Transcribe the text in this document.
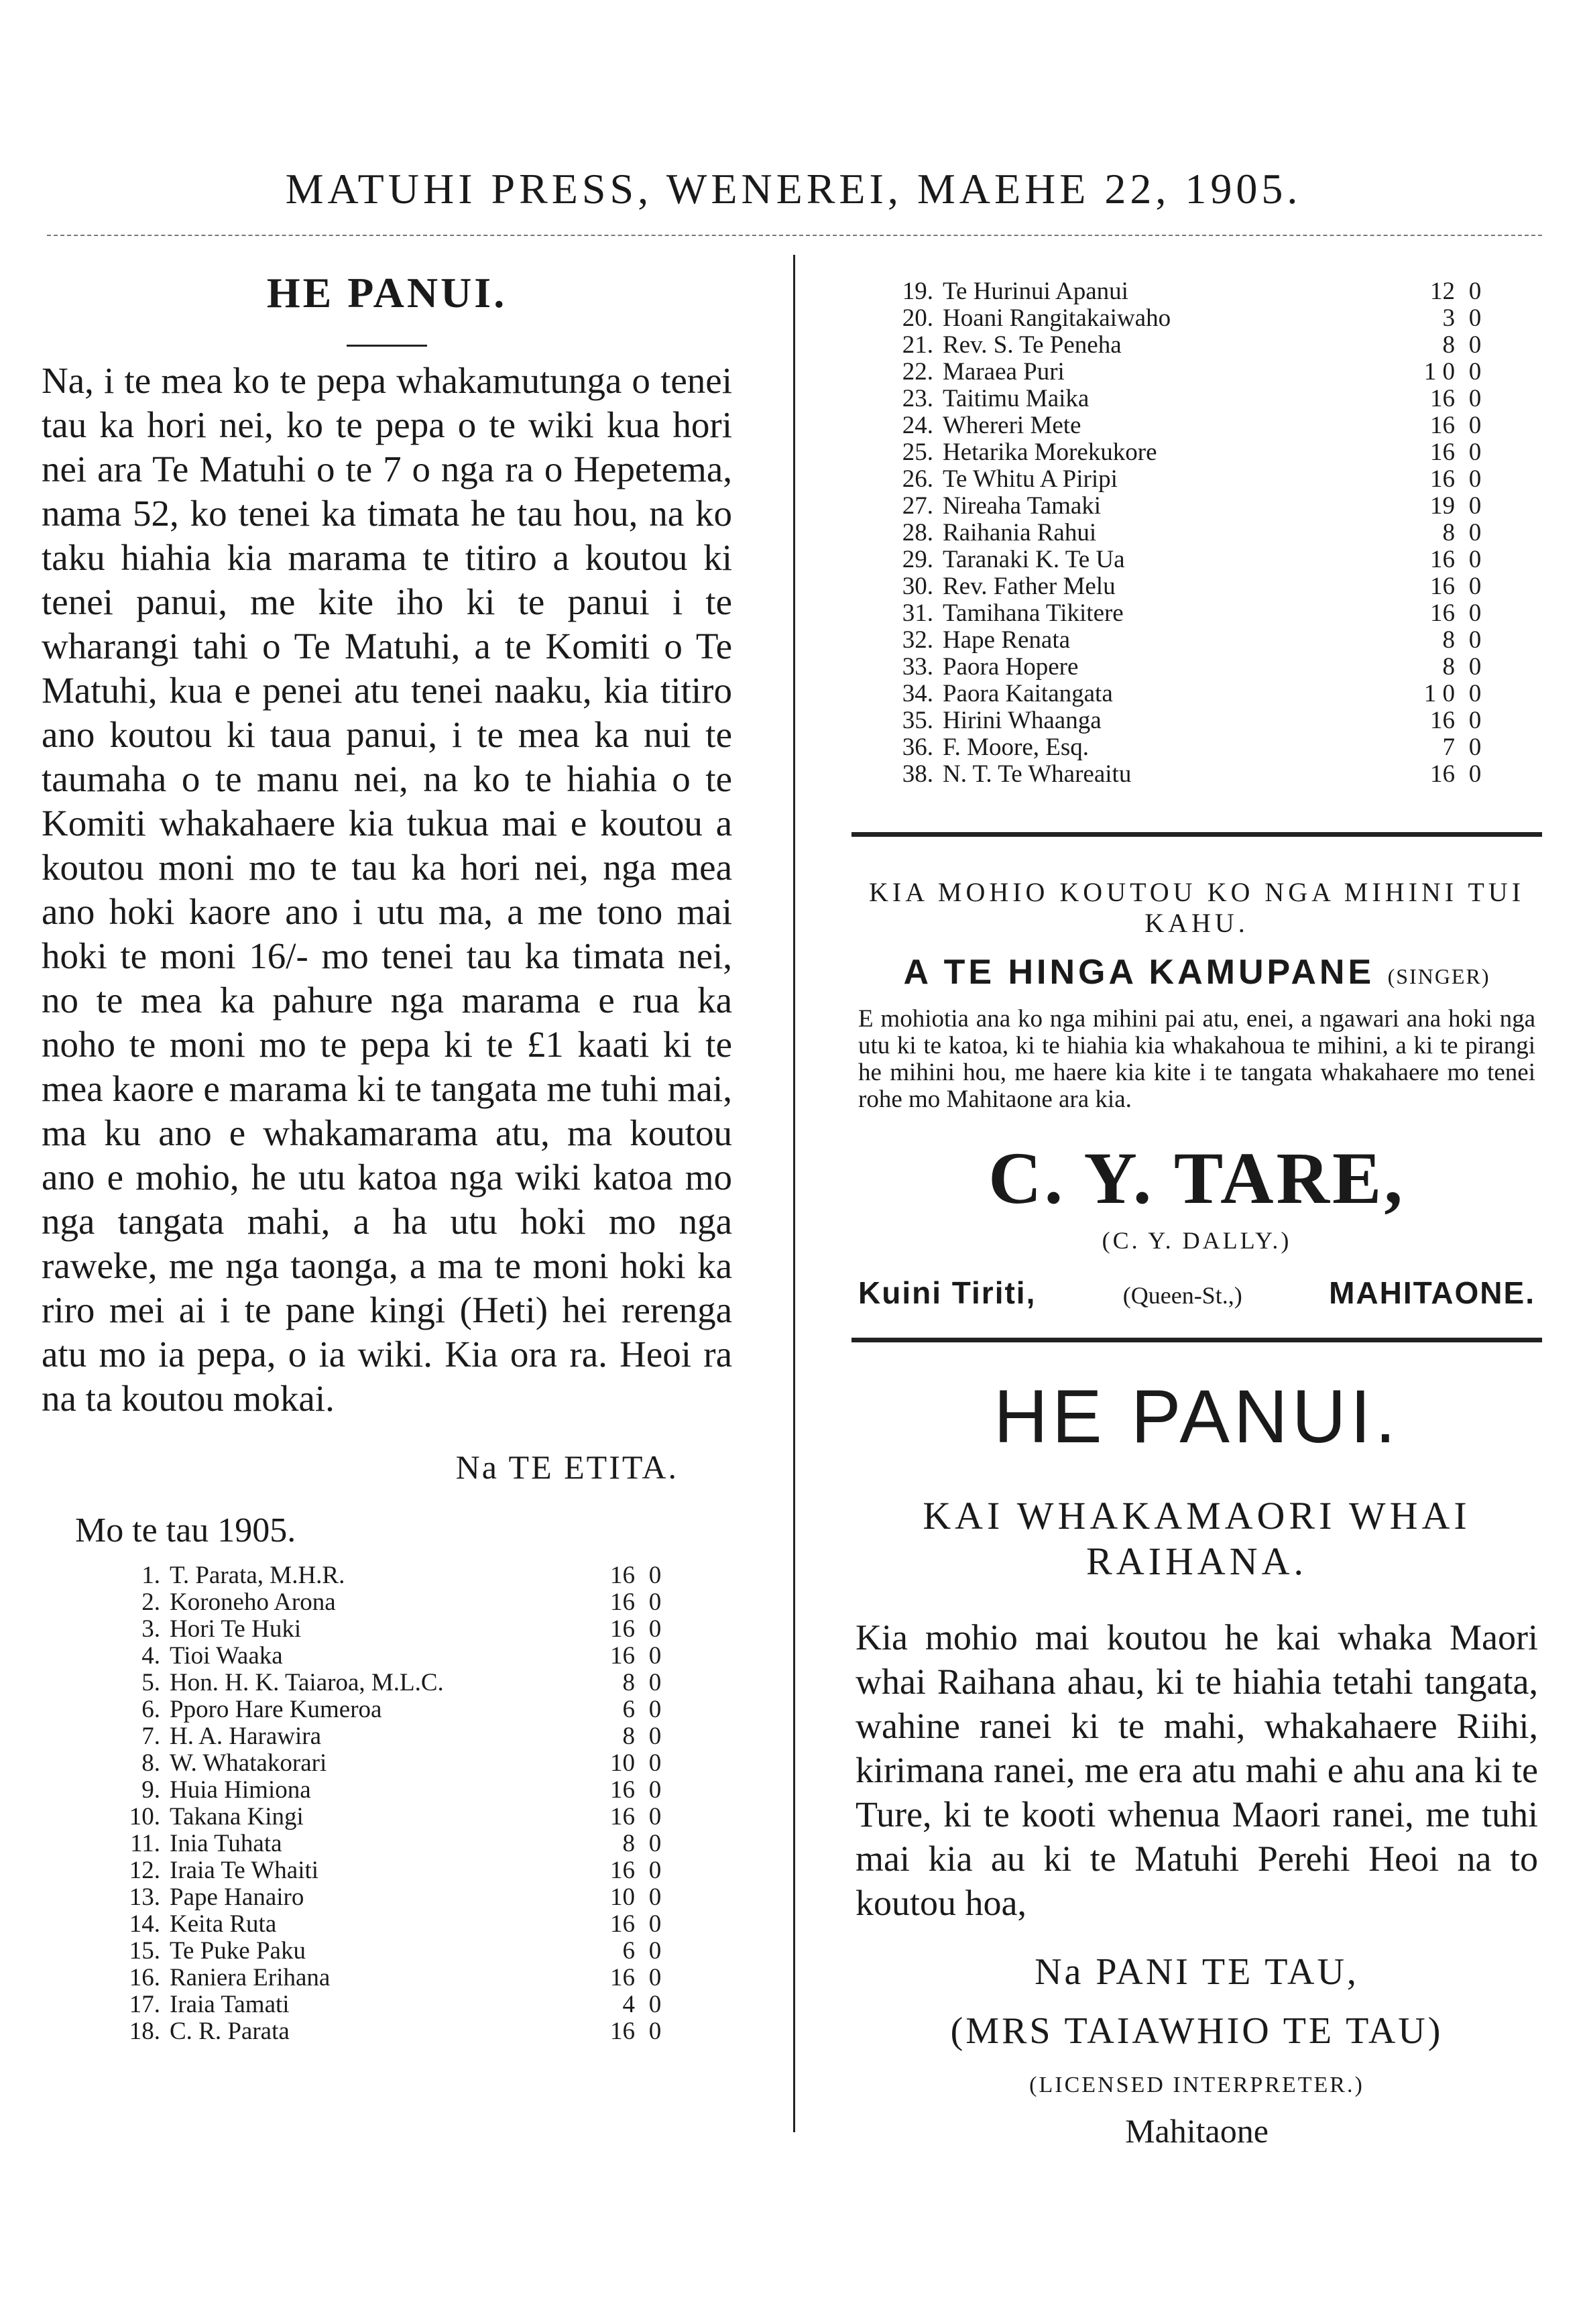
MATUHI PRESS, WENEREI, MAEHE 22, 1905.
HE PANUI.

Na, i te mea ko te pepa whakamutunga o tenei tau ka hori nei, ko te pepa o te wiki kua hori nei ara Te Matuhi o te 7 o nga ra o Hepetema, nama 52, ko tenei ka timata he tau hou, na ko taku hiahia kia marama te titiro a koutou ki tenei panui, me kite iho ki te panui i te wharangi tahi o Te Matuhi, a te Komiti o Te Matuhi, kua e penei atu tenei naaku, kia titiro ano koutou ki taua panui, i te mea ka nui te taumaha o te manu nei, na ko te hiahia o te Komiti whakahaere kia tukua mai e koutou a koutou moni mo te tau ka hori nei, nga mea ano hoki kaore ano i utu ma, a me tono mai hoki te moni 16/- mo tenei tau ka timata nei, no te mea ka pahure nga marama e rua ka noho te moni mo te pepa ki te £1 kaati ki te mea kaore e marama ki te tangata me tuhi mai, ma ku ano e whakamarama atu, ma koutou ano e mohio, he utu katoa nga wiki katoa mo nga tangata mahi, a ha utu hoki mo nga raweke, me nga taonga, a ma te moni hoki ka riro mei ai i te pane kingi (Heti) hei rerenga atu mo ia pepa, o ia wiki. Kia ora ra. Heoi ra na ta koutou mokai.

Na TE ETITA.
Mo te tau 1905.
1. T. Parata, M.H.R.	16 0
2. Koroneho Arona	16 0
3. Hori Te Huki	16 0
4. Tioi Waaka	16 0
5. Hon. H. K. Taiaroa, M.L.C.	8 0
6. Pporo Hare Kumeroa	6 0
7. H. A. Harawira	8 0
8. W. Whatakorari	10 0
9. Huia Himiona	16 0
10. Takana Kingi	16 0
11. Inia Tuhata	8 0
12. Iraia Te Whaiti	16 0
13. Pape Hanairo	10 0
14. Keita Ruta	16 0
15. Te Puke Paku	6 0
16. Raniera Erihana	16 0
17. Iraia Tamati	4 0
18. C. R. Parata	16 0
19. Te Hurinui Apanui	12 0
20. Hoani Rangitakaiwaho	3 0
21. Rev. S. Te Peneha	8 0
22. Maraea Puri	1 0 0
23. Taitimu Maika	16 0
24. Whereri Mete	16 0
25. Hetarika Morekukore	16 0
26. Te Whitu A Piripi	16 0
27. Nireaha Tamaki	19 0
28. Raihania Rahui	8 0
29. Taranaki K. Te Ua	16 0
30. Rev. Father Melu	16 0
31. Tamihana Tikitere	16 0
32. Hape Renata	8 0
33. Paora Hopere	8 0
34. Paora Kaitangata	1 0 0
35. Hirini Whaanga	16 0
36. F. Moore, Esq.	7 0
38. N. T. Te Whareaitu	16 0
KIA MOHIO KOUTOU KO NGA MIHINI TUI KAHU.
A TE HINGA KAMUPANE (SINGER)
E mohiotia ana ko nga mihini pai atu, enei, a ngawari ana hoki nga utu ki te katoa, ki te hiahia kia whakahoua te mihini, a ki te pirangi he mihini hou, me haere kia kite i te tangata whakahaere mo tenei rohe mo Mahitaone ara kia.
C. Y. TARE,
(C. Y. DALLY.)
Kuini Tiriti,	(Queen-St.,)	MAHITAONE.
HE PANUI.
KAI WHAKAMAORI WHAI RAIHANA.
Kia mohio mai koutou he kai whaka Maori whai Raihana ahau, ki te hiahia tetahi tangata, wahine ranei ki te mahi, whakahaere Riihi, kirimana ranei, me era atu mahi e ahu ana ki te Ture, ki te kooti whenua Maori ranei, me tuhi mai kia au ki te Matuhi Perehi Heoi na to koutou hoa,
Na PANI TE TAU,
(MRS TAIAWHIO TE TAU)
(LICENSED INTERPRETER.)
Mahitaone
